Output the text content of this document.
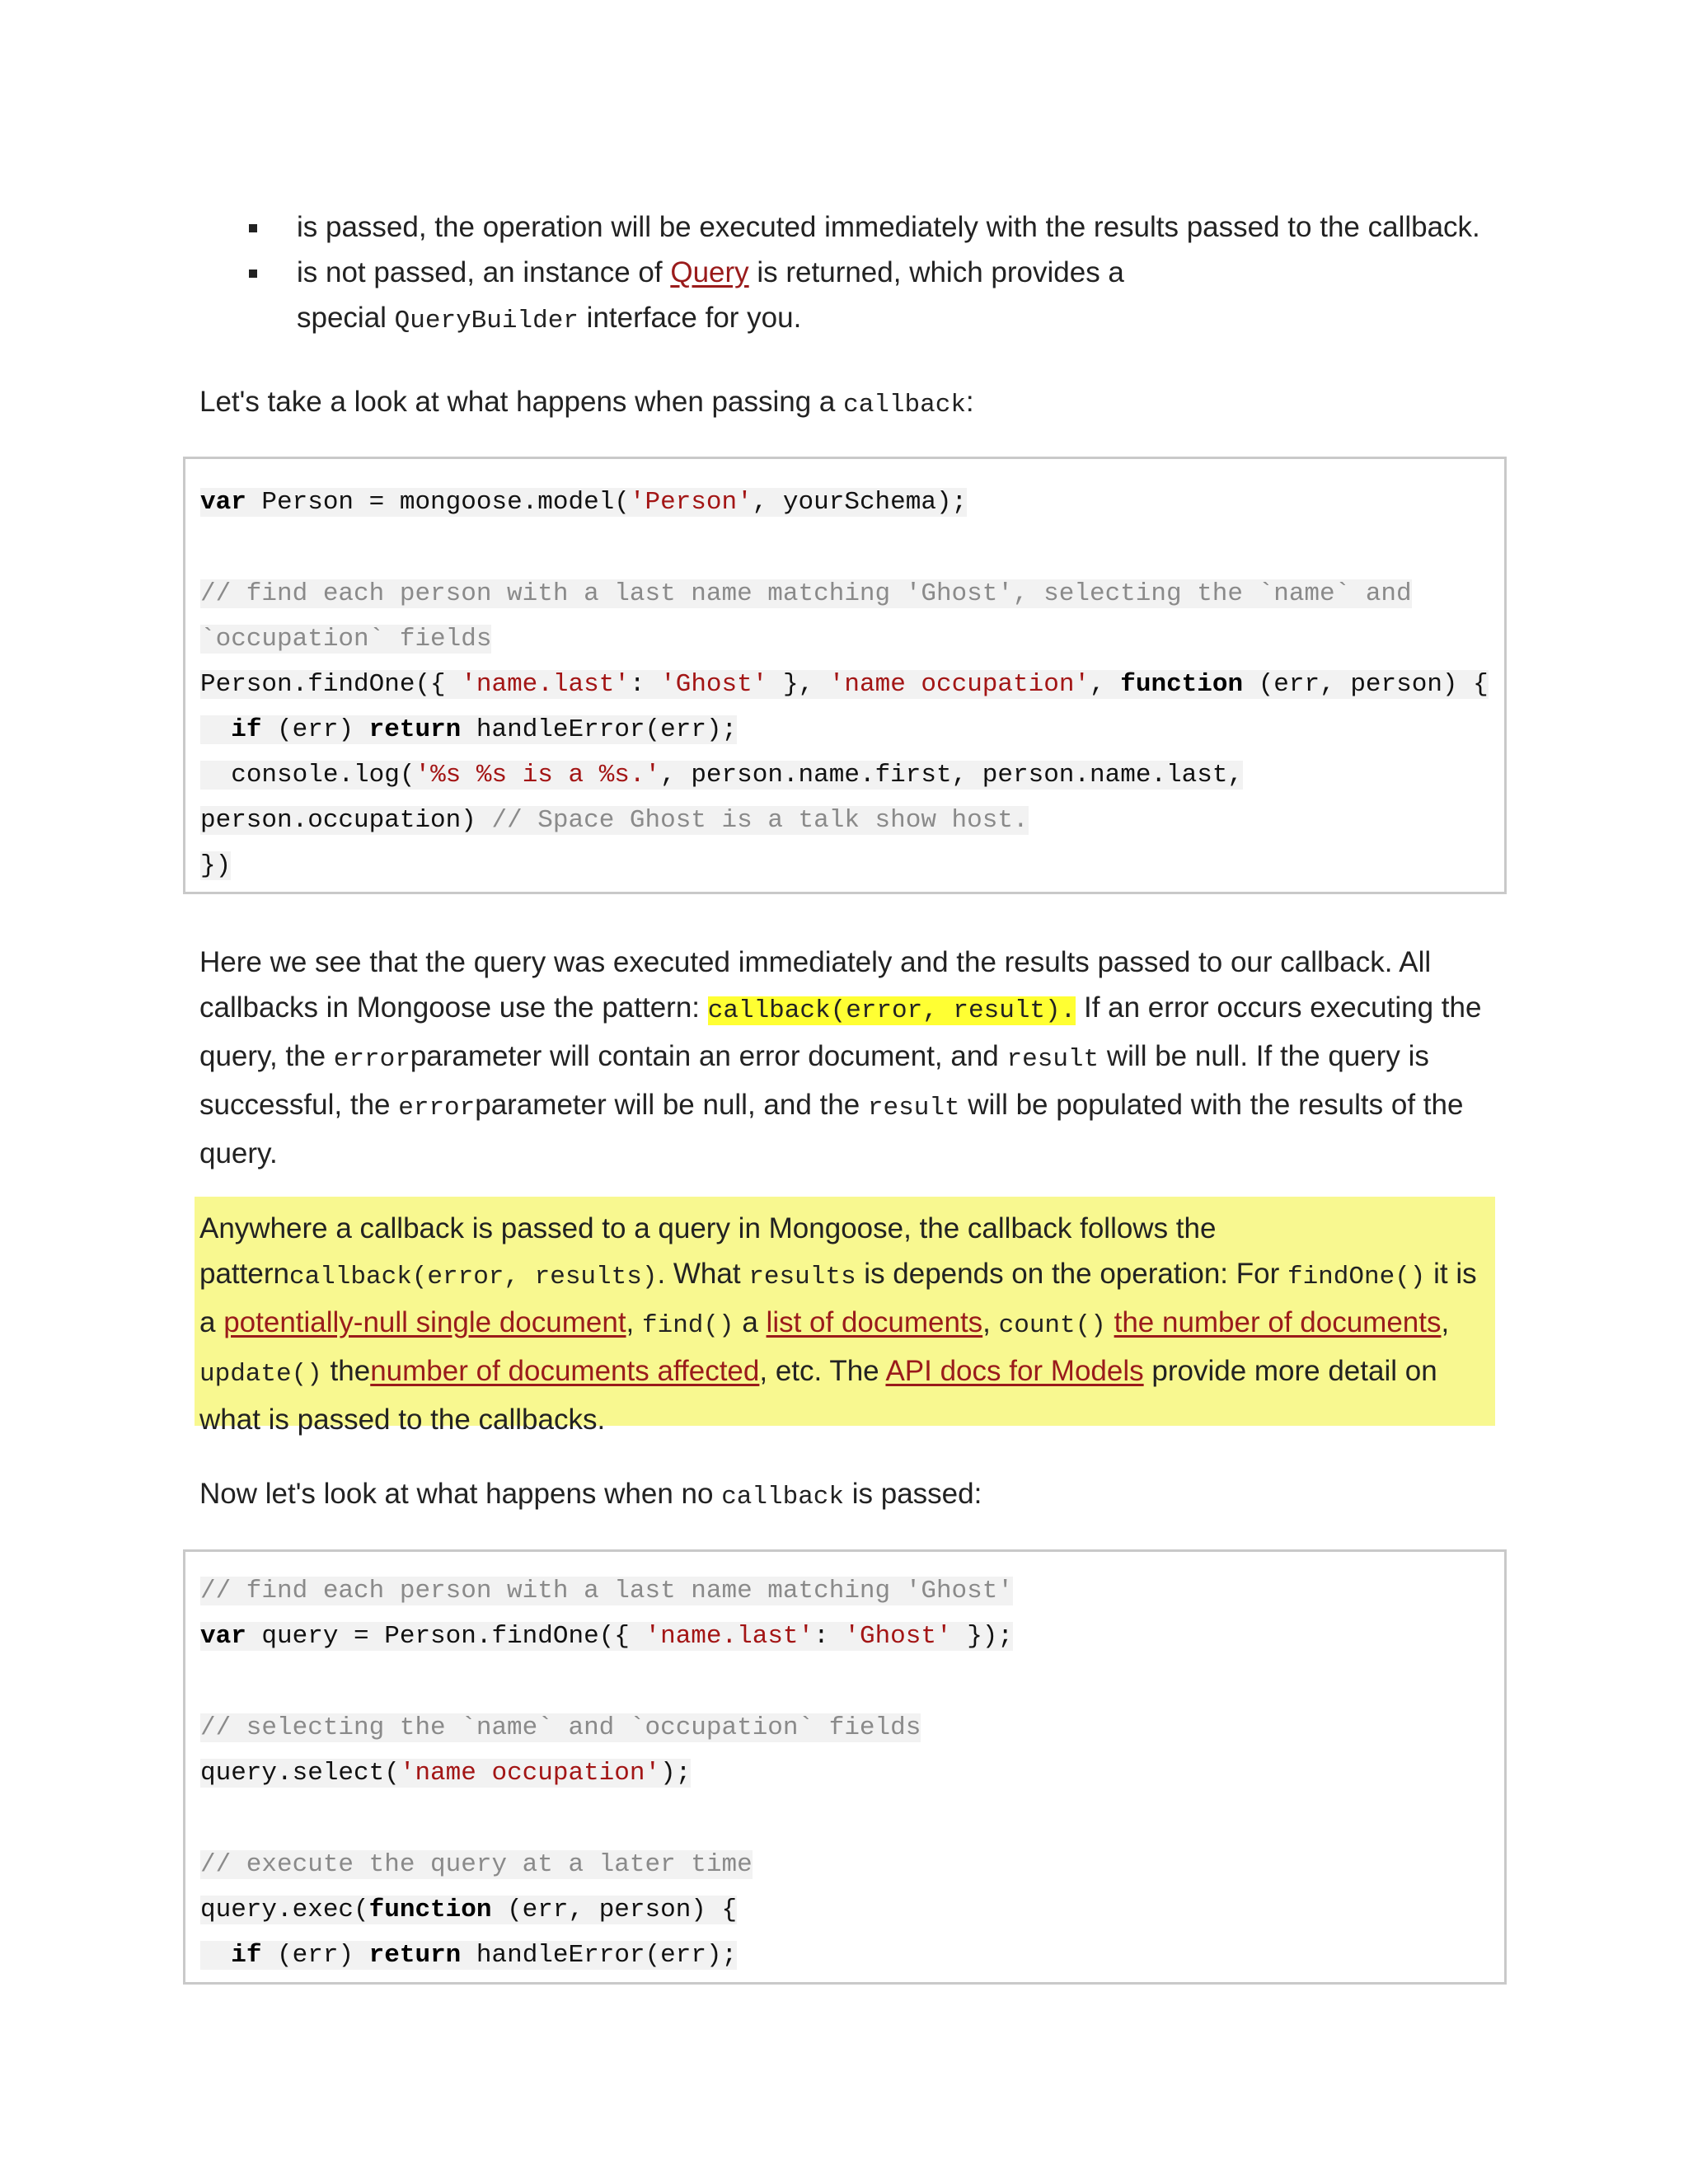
is passed, the operation will be executed immediately with the results passed to the callback.
is not passed, an instance of Query is returned, which provides a
special QueryBuilder interface for you.

Let's take a look at what happens when passing a callback:

var Person = mongoose.model('Person', yourSchema);
// find each person with a last name matching 'Ghost', selecting the `name` and
`occupation` fields
Person.findOne({ 'name.last': 'Ghost' }, 'name occupation', function (err, person) {
if (err) return handleError(err);
console.log('%s %s is a %s.', person.name.first, person.name.last,
person.occupation) // Space Ghost is a talk show host.
})

Here we see that the query was executed immediately and the results passed to our callback. All callbacks in Mongoose use the pattern: callback(error, result). If an error occurs executing the query, the errorparameter will contain an error document, and result will be null. If the query is successful, the errorparameter will be null, and the result will be populated with the results of the query.

Anywhere a callback is passed to a query in Mongoose, the callback follows the patterncallback(error, results). What results is depends on the operation: For findOne() it is a potentially-null single document, find() a list of documents, count() the number of documents, update() thenumber of documents affected, etc. The API docs for Models provide more detail on what is passed to the callbacks.

Now let's look at what happens when no callback is passed:

// find each person with a last name matching 'Ghost'
var query = Person.findOne({ 'name.last': 'Ghost' });
// selecting the `name` and `occupation` fields
query.select('name occupation');
// execute the query at a later time
query.exec(function (err, person) {
if (err) return handleError(err);
